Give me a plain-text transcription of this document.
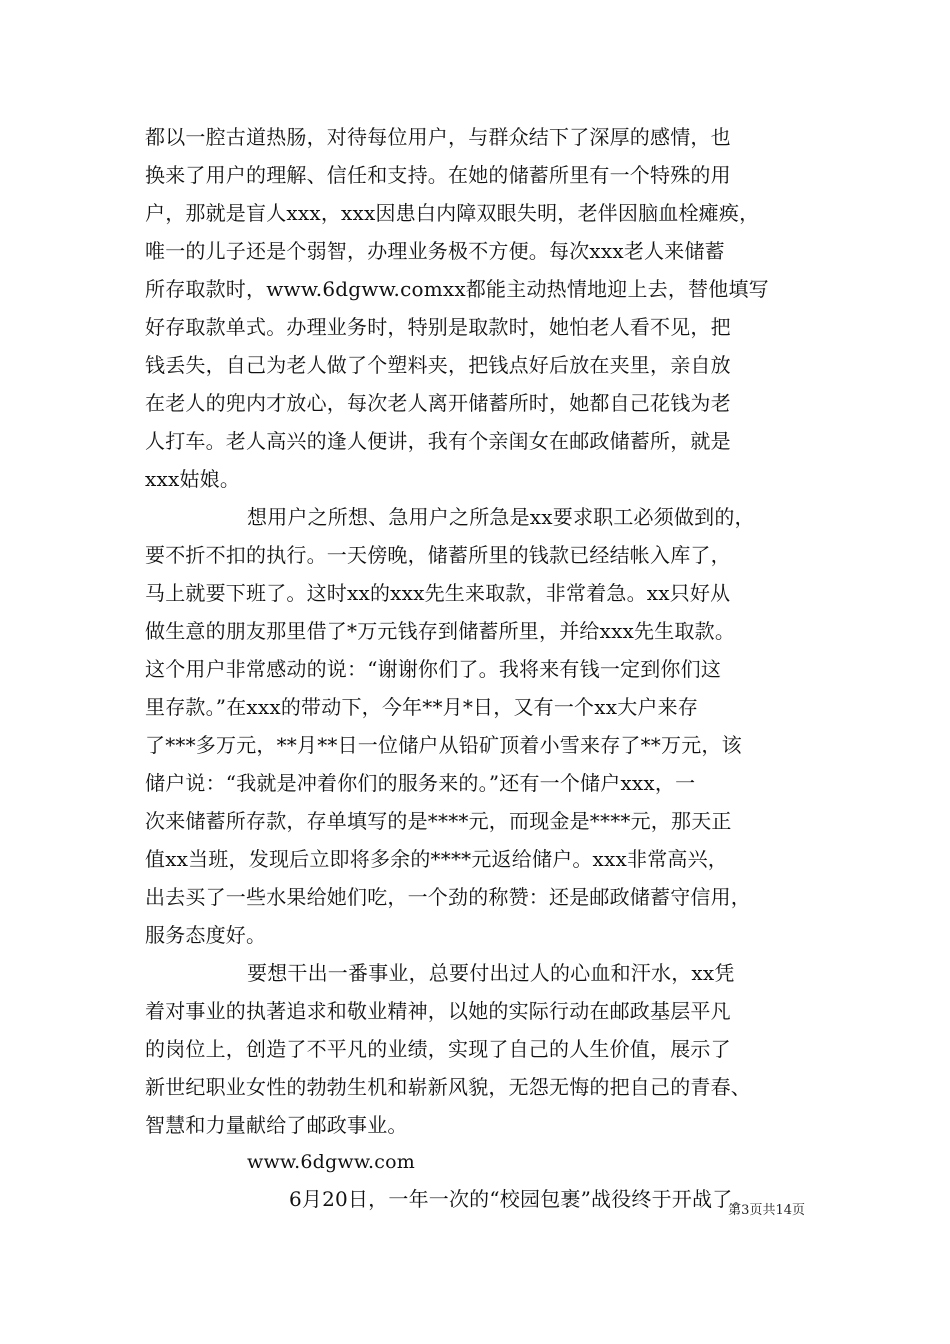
都以一腔古道热肠，对待每位用户，与群众结下了深厚的感情，也
换来了用户的理解、信任和支持。在她的储蓄所里有一个特殊的用
户，那就是盲人xxx，xxx因患白内障双眼失明，老伴因脑血栓瘫痪，
唯一的儿子还是个弱智，办理业务极不方便。每次xxx老人来储蓄
所存取款时，www.6dgww.comxx都能主动热情地迎上去，替他填写
好存取款单式。办理业务时，特别是取款时，她怕老人看不见，把
钱丢失，自己为老人做了个塑料夹，把钱点好后放在夹里，亲自放
在老人的兜内才放心，每次老人离开储蓄所时，她都自己花钱为老
人打车。老人高兴的逢人便讲，我有个亲闺女在邮政储蓄所，就是
xxx姑娘。
想用户之所想、急用户之所急是xx要求职工必须做到的，
要不折不扣的执行。一天傍晚，储蓄所里的钱款已经结帐入库了，
马上就要下班了。这时xx的xxx先生来取款，非常着急。xx只好从
做生意的朋友那里借了*万元钱存到储蓄所里，并给xxx先生取款。
这个用户非常感动的说：“谢谢你们了。我将来有钱一定到你们这
里存款。”在xxx的带动下，今年**月*日，又有一个xx大户来存
了***多万元，**月**日一位储户从铅矿顶着小雪来存了**万元，该
储户说：“我就是冲着你们的服务来的。”还有一个储户xxx，一
次来储蓄所存款，存单填写的是****元，而现金是****元，那天正
值xx当班，发现后立即将多余的****元返给储户。xxx非常高兴，
出去买了一些水果给她们吃，一个劲的称赞：还是邮政储蓄守信用，
服务态度好。
要想干出一番事业，总要付出过人的心血和汗水，xx凭
着对事业的执著追求和敬业精神，以她的实际行动在邮政基层平凡
的岗位上，创造了不平凡的业绩，实现了自己的人生价值，展示了
新世纪职业女性的勃勃生机和崭新风貌，无怨无悔的把自己的青春、
智慧和力量献给了邮政事业。
www.6dgww.com
6月20日，一年一次的“校园包裹”战役终于开战了。
第3页共14页
